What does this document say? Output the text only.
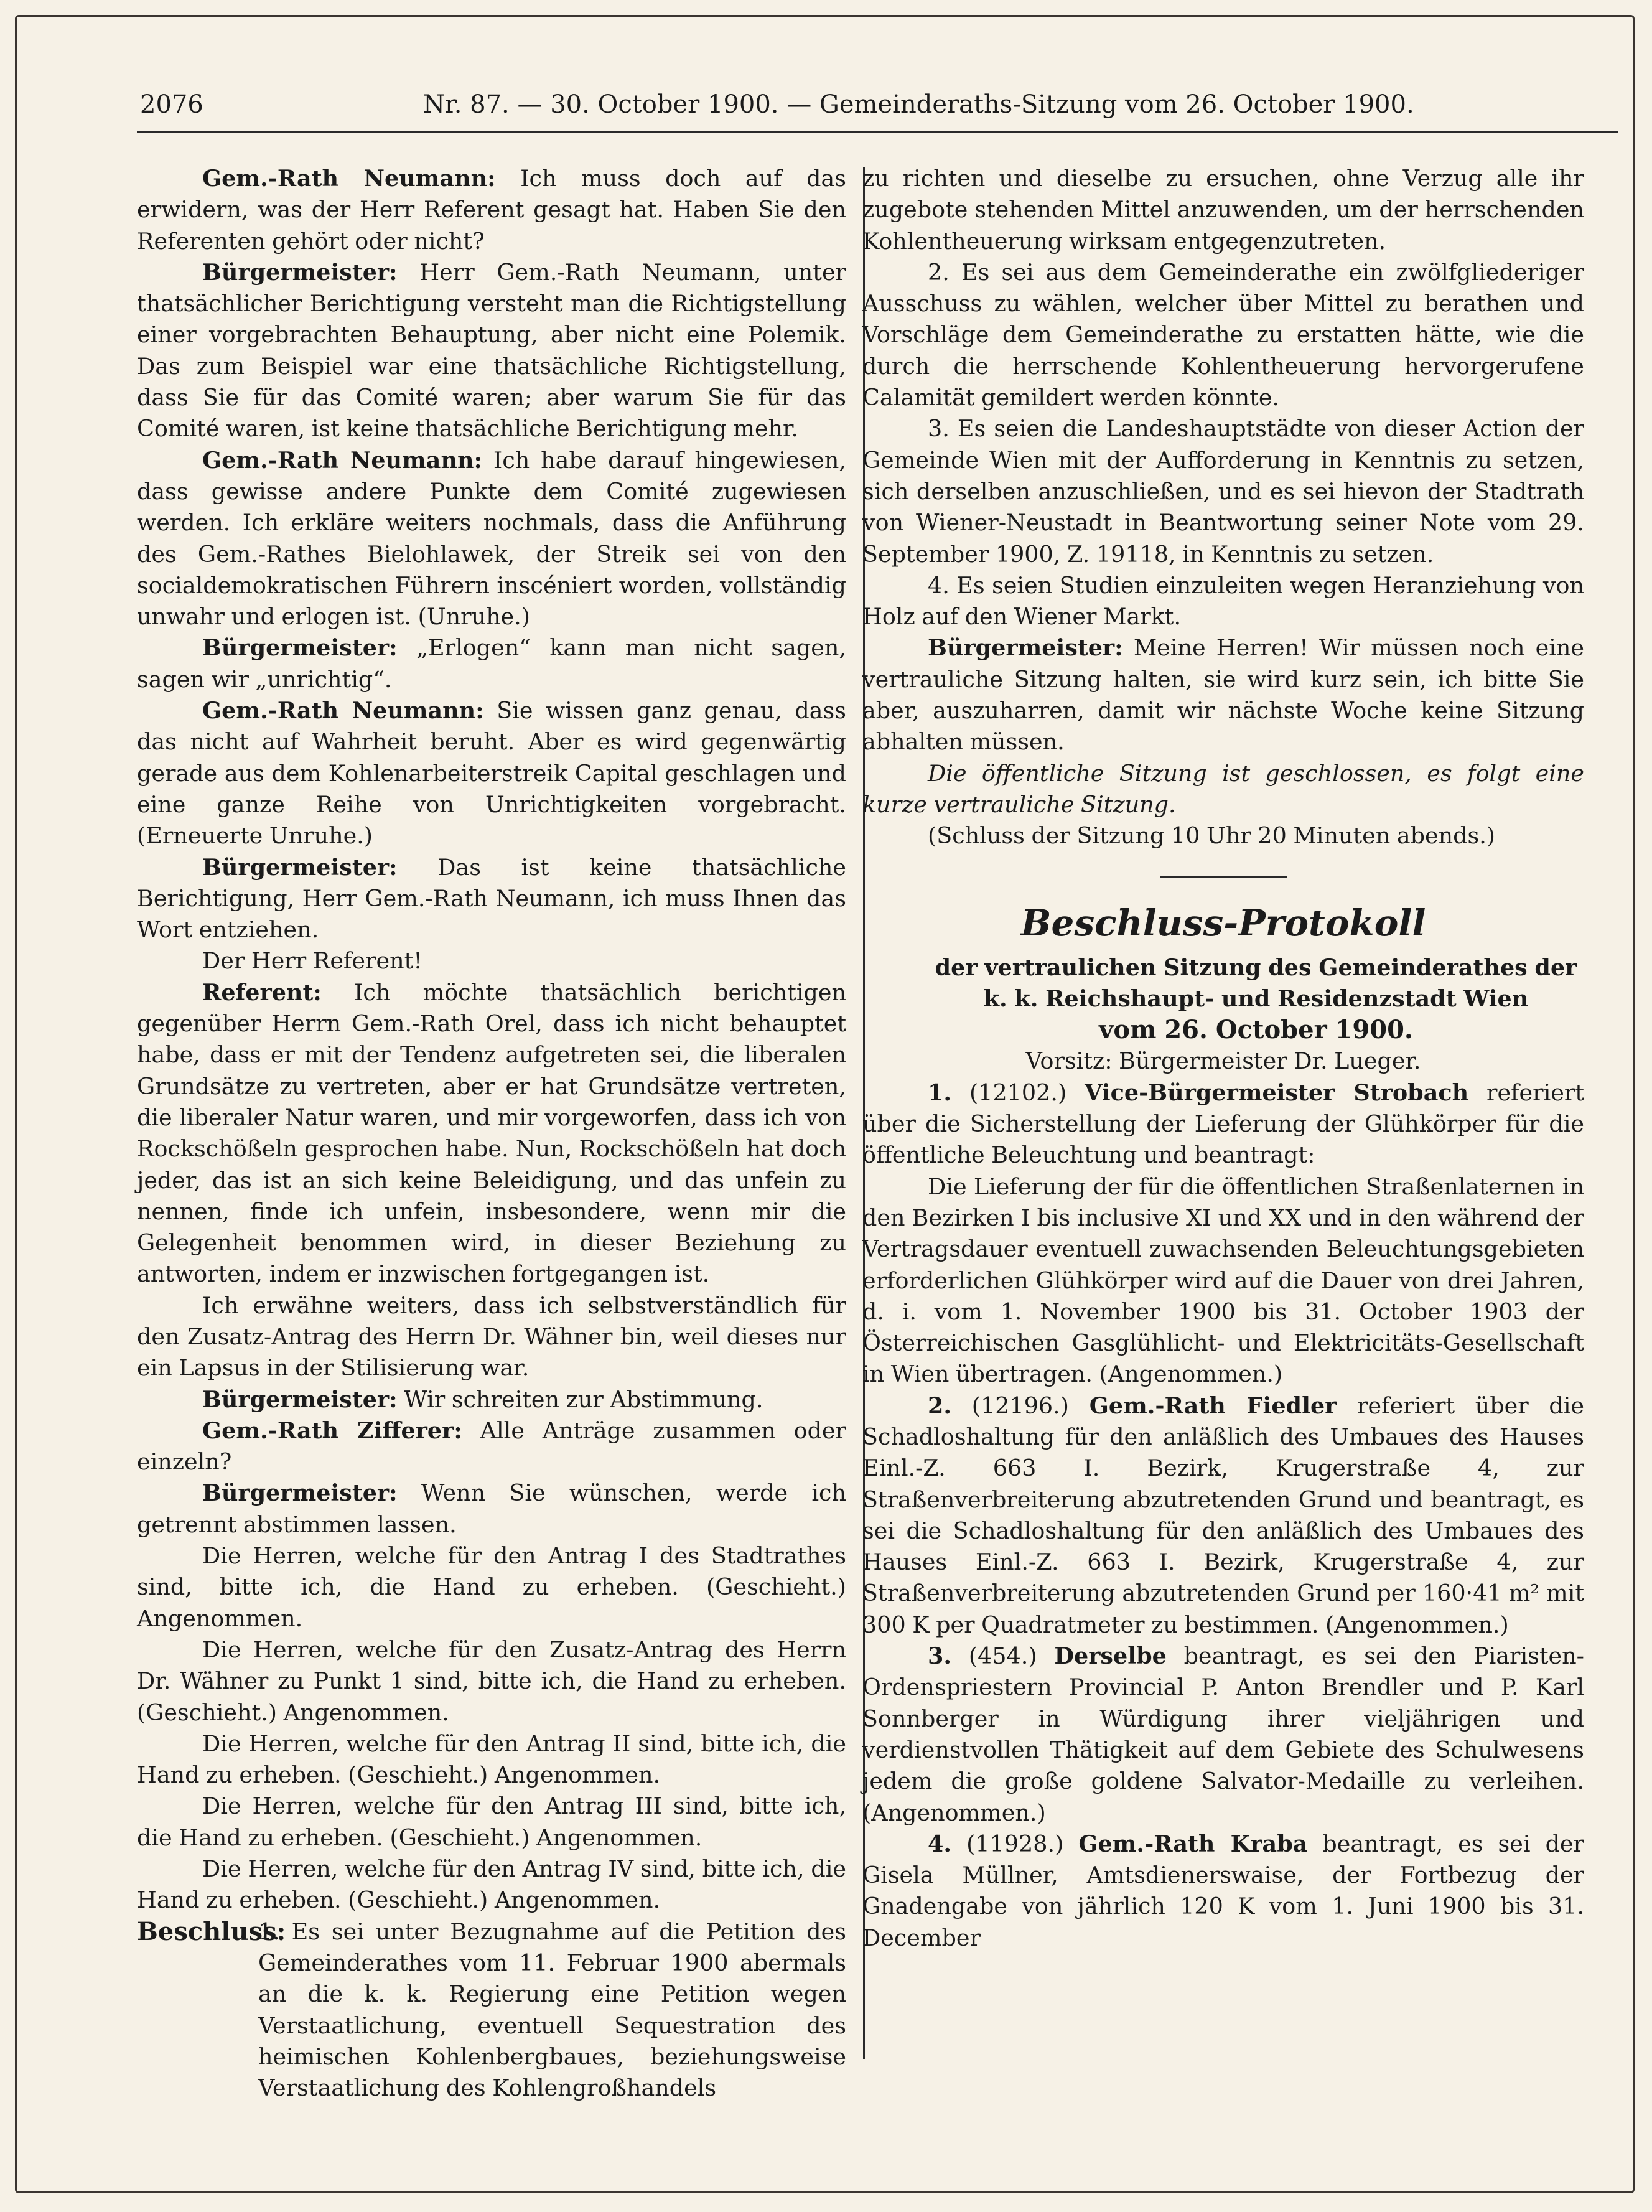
2076	Nr. 87. — 30. October 1900. — Gemeinderaths-Sitzung vom 26. October 1900.

Gem.-Rath Neumann: Ich muss doch auf das erwidern, was der Herr Referent gesagt hat. Haben Sie den Referenten gehört oder nicht?

Bürgermeister: Herr Gem.-Rath Neumann, unter thatsächlicher Berichtigung versteht man die Richtigstellung einer vorgebrachten Behauptung, aber nicht eine Polemik. Das zum Beispiel war eine thatsächliche Richtigstellung, dass Sie für das Comité waren; aber warum Sie für das Comité waren, ist keine thatsächliche Berichtigung mehr.

Gem.-Rath Neumann: Ich habe darauf hingewiesen, dass gewisse andere Punkte dem Comité zugewiesen werden. Ich erkläre weiters nochmals, dass die Anführung des Gem.-Rathes Bielohlawek, der Streik sei von den socialdemokratischen Führern inscéniert worden, vollständig unwahr und erlogen ist. (Unruhe.)

Bürgermeister: „Erlogen“ kann man nicht sagen, sagen wir „unrichtig“.

Gem.-Rath Neumann: Sie wissen ganz genau, dass das nicht auf Wahrheit beruht. Aber es wird gegenwärtig gerade aus dem Kohlenarbeiterstreik Capital geschlagen und eine ganze Reihe von Unrichtigkeiten vorgebracht. (Erneuerte Unruhe.)

Bürgermeister: Das ist keine thatsächliche Berichtigung, Herr Gem.-Rath Neumann, ich muss Ihnen das Wort entziehen.

Der Herr Referent!

Referent: Ich möchte thatsächlich berichtigen gegenüber Herrn Gem.-Rath Orel, dass ich nicht behauptet habe, dass er mit der Tendenz aufgetreten sei, die liberalen Grundsätze zu vertreten, aber er hat Grundsätze vertreten, die liberaler Natur waren, und mir vorgeworfen, dass ich von Rockschößeln gesprochen habe. Nun, Rockschößeln hat doch jeder, das ist an sich keine Beleidigung, und das unfein zu nennen, finde ich unfein, insbesondere, wenn mir die Gelegenheit benommen wird, in dieser Beziehung zu antworten, indem er inzwischen fortgegangen ist.

Ich erwähne weiters, dass ich selbstverständlich für den Zusatz-Antrag des Herrn Dr. Wähner bin, weil dieses nur ein Lapsus in der Stilisierung war.

Bürgermeister: Wir schreiten zur Abstimmung.

Gem.-Rath Zifferer: Alle Anträge zusammen oder einzeln?

Bürgermeister: Wenn Sie wünschen, werde ich getrennt abstimmen lassen.

Die Herren, welche für den Antrag I des Stadtrathes sind, bitte ich, die Hand zu erheben. (Geschieht.) Angenommen.

Die Herren, welche für den Zusatz-Antrag des Herrn Dr. Wähner zu Punkt 1 sind, bitte ich, die Hand zu erheben. (Geschieht.) Angenommen.

Die Herren, welche für den Antrag II sind, bitte ich, die Hand zu erheben. (Geschieht.) Angenommen.

Die Herren, welche für den Antrag III sind, bitte ich, die Hand zu erheben. (Geschieht.) Angenommen.

Die Herren, welche für den Antrag IV sind, bitte ich, die Hand zu erheben. (Geschieht.) Angenommen.

Beschluss:
1. Es sei unter Bezugnahme auf die Petition des Gemeinderathes vom 11. Februar 1900 abermals an die k. k. Regierung eine Petition wegen Verstaatlichung, eventuell Sequestration des heimischen Kohlenbergbaues, beziehungsweise Verstaatlichung des Kohlengroßhandels

zu richten und dieselbe zu ersuchen, ohne Verzug alle ihr zugebote stehenden Mittel anzuwenden, um der herrschenden Kohlentheuerung wirksam entgegenzutreten.

2. Es sei aus dem Gemeinderathe ein zwölfgliederiger Ausschuss zu wählen, welcher über Mittel zu berathen und Vorschläge dem Gemeinderathe zu erstatten hätte, wie die durch die herrschende Kohlentheuerung hervorgerufene Calamität gemildert werden könnte.

3. Es seien die Landeshauptstädte von dieser Action der Gemeinde Wien mit der Aufforderung in Kenntnis zu setzen, sich derselben anzuschließen, und es sei hievon der Stadtrath von Wiener-Neustadt in Beantwortung seiner Note vom 29. September 1900, Z. 19118, in Kenntnis zu setzen.

4. Es seien Studien einzuleiten wegen Heranziehung von Holz auf den Wiener Markt.

Bürgermeister: Meine Herren! Wir müssen noch eine vertrauliche Sitzung halten, sie wird kurz sein, ich bitte Sie aber, auszuharren, damit wir nächste Woche keine Sitzung abhalten müssen.

Die öffentliche Sitzung ist geschlossen, es folgt eine kurze vertrauliche Sitzung.

(Schluss der Sitzung 10 Uhr 20 Minuten abends.)

Beschluss-Protokoll

der vertraulichen Sitzung des Gemeinderathes der

k. k. Reichshaupt- und Residenzstadt Wien

vom 26. October 1900.

Vorsitz: Bürgermeister Dr. Lueger.

1. (12102.) Vice-Bürgermeister Strobach referiert über die Sicherstellung der Lieferung der Glühkörper für die öffentliche Beleuchtung und beantragt:

Die Lieferung der für die öffentlichen Straßenlaternen in den Bezirken I bis inclusive XI und XX und in den während der Vertragsdauer eventuell zuwachsenden Beleuchtungsgebieten erforderlichen Glühkörper wird auf die Dauer von drei Jahren, d. i. vom 1. November 1900 bis 31. October 1903 der Österreichischen Gasglühlicht- und Elektricitäts-Gesellschaft in Wien übertragen. (Angenommen.)

2. (12196.) Gem.-Rath Fiedler referiert über die Schadloshaltung für den anläßlich des Umbaues des Hauses Einl.-Z. 663 I. Bezirk, Krugerstraße 4, zur Straßenverbreiterung abzutretenden Grund und beantragt, es sei die Schadloshaltung für den anläßlich des Umbaues des Hauses Einl.-Z. 663 I. Bezirk, Krugerstraße 4, zur Straßenverbreiterung abzutretenden Grund per 160·41 m² mit 300 K per Quadratmeter zu bestimmen. (Angenommen.)

3. (454.) Derselbe beantragt, es sei den Piaristen-Ordenspriestern Provincial P. Anton Brendler und P. Karl Sonnberger in Würdigung ihrer vieljährigen und verdienstvollen Thätigkeit auf dem Gebiete des Schulwesens jedem die große goldene Salvator-Medaille zu verleihen. (Angenommen.)

4. (11928.) Gem.-Rath Kraba beantragt, es sei der Gisela Müllner, Amtsdienerswaise, der Fortbezug der Gnadengabe von jährlich 120 K vom 1. Juni 1900 bis 31. December
